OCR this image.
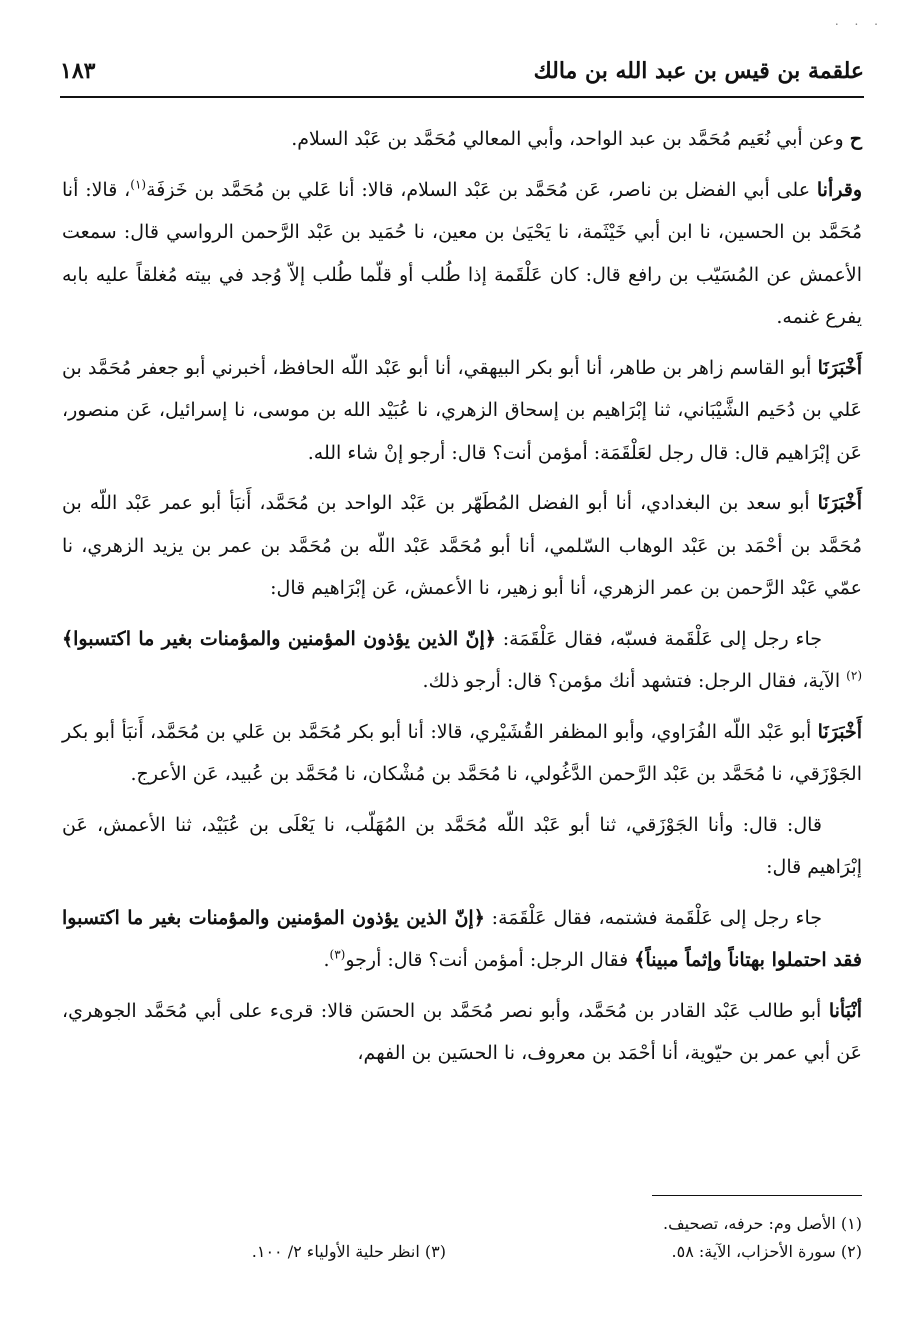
. . .
علقمة بن قيس بن عبد الله بن مالك
١٨٣

ح وعن أبي نُعَيم مُحَمَّد بن عبد الواحد، وأبي المعالي مُحَمَّد بن عَبْد السلام.

وقرأنا على أبي الفضل بن ناصر، عَن مُحَمَّد بن عَبْد السلام، قالا: أنا عَلي بن مُحَمَّد بن خَزفَة$^{(١)}$، قالا: أنا مُحَمَّد بن الحسين، نا ابن أبي خَيْثَمة، نا يَحْيَىٰ بن معين، نا حُمَيد بن عَبْد الرَّحمن الرواسي قال: سمعت الأعمش عن المُسَيّب بن رافع قال: كان عَلْقَمة إذا طُلب أو قلّما طُلب إلاّ وُجد في بيته مُغلقاً عليه بابه يفرع غنمه.

أَخْبَرَنَا أبو القاسم زاهر بن طاهر، أنا أبو بكر البيهقي، أنا أبو عَبْد اللّه الحافظ، أخبرني أبو جعفر مُحَمَّد بن عَلي بن دُحَيم الشَّيْبَاني، ثنا إبْرَاهيم بن إسحاق الزهري، نا عُبَيْد الله بن موسى، نا إسرائيل، عَن منصور، عَن إبْرَاهيم قال: قال رجل لعَلْقَمَة: أمؤمن أنت؟ قال: أرجو إنْ شاء الله.

أَخْبَرَنَا أبو سعد بن البغدادي، أنا أبو الفضل المُطَهّر بن عَبْد الواحد بن مُحَمَّد، أَنبَأ أبو عمر عَبْد اللّه بن مُحَمَّد بن أحْمَد بن عَبْد الوهاب السّلمي، أنا أبو مُحَمَّد عَبْد اللّه بن مُحَمَّد بن عمر بن يزيد الزهري، نا عمّي عَبْد الرَّحمن بن عمر الزهري، أنا أبو زهير، نا الأعمش، عَن إبْرَاهيم قال:

جاء رجل إلى عَلْقَمة فسبّه، فقال عَلْقَمَة: ﴿إنّ الذين يؤذون المؤمنين والمؤمنات بغير ما اكتسبوا﴾$^{(٢)}$ الآية، فقال الرجل: فتشهد أنك مؤمن؟ قال: أرجو ذلك.

أَخْبَرَنَا أبو عَبْد اللّه الفُرَاوي، وأبو المظفر القُشَيْري، قالا: أنا أبو بكر مُحَمَّد بن عَلي بن مُحَمَّد، أَنبَأ أبو بكر الجَوْزَقي، نا مُحَمَّد بن عَبْد الرَّحمن الدَّغُولي، نا مُحَمَّد بن مُشْكان، نا مُحَمَّد بن عُبيد، عَن الأعرج.

قال: قال: وأنا الجَوْزَقي، ثنا أبو عَبْد اللّه مُحَمَّد بن المُهَلّب، نا يَعْلَى بن عُبَيْد، ثنا الأعمش، عَن إبْرَاهيم قال:

جاء رجل إلى عَلْقَمة فشتمه، فقال عَلْقَمَة: ﴿إنّ الذين يؤذون المؤمنين والمؤمنات بغير ما اكتسبوا فقد احتملوا بهتاناً وإثماً مبيناً﴾ فقال الرجل: أمؤمن أنت؟ قال: أرجو$^{(٣)}$.

أنْبَأنا أبو طالب عَبْد القادر بن مُحَمَّد، وأبو نصر مُحَمَّد بن الحسَن قالا: قرىء على أبي مُحَمَّد الجوهري، عَن أبي عمر بن حيّوية، أنا أحْمَد بن معروف، نا الحسَين بن الفهم،

(١) الأصل وم: حرفه، تصحيف.
(٢) سورة الأحزاب، الآية: ٥٨.
(٣) انظر حلية الأولياء ٢/ ١٠٠.
